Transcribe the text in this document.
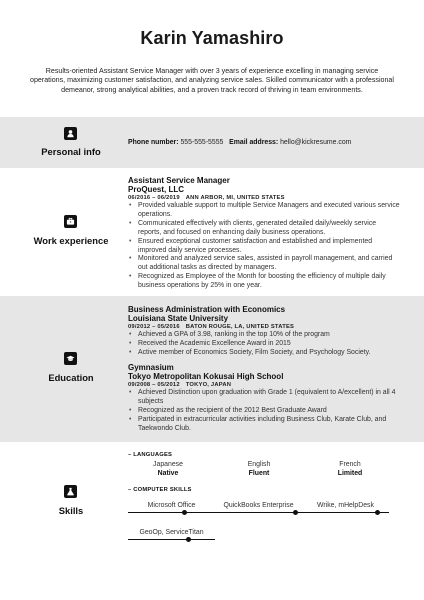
Karin Yamashiro
Results-oriented Assistant Service Manager with over 3 years of experience excelling in managing service operations, maximizing customer satisfaction, and analyzing service sales. Skilled communicator with a professional demeanor, strong analytical abilities, and a proven track record of thriving in team environments.
Personal info
Phone number: 555-555-5555 Email address: hello@kickresume.com
Work experience
Assistant Service Manager
ProQuest, LLC
06/2016 – 06/2019 ANN ARBOR, MI, UNITED STATES
• Provided valuable support to multiple Service Managers and executed various service operations.
• Communicated effectively with clients, generated detailed daily/weekly service reports, and focused on enhancing daily business operations.
• Ensured exceptional customer satisfaction and established and implemented improved daily service processes.
• Monitored and analyzed service sales, assisted in payroll management, and carried out additional tasks as directed by managers.
• Recognized as Employee of the Month for boosting the efficiency of multiple daily business operations by 25% in one year.
Education
Business Administration with Economics
Louisiana State University
09/2012 – 05/2016 BATON ROUGE, LA, UNITED STATES
• Achieved a GPA of 3.98, ranking in the top 10% of the program
• Received the Academic Excellence Award in 2015
• Active member of Economics Society, Film Society, and Psychology Society.
Gymnasium
Tokyo Metropolitan Kokusai High School
09/2008 – 05/2012 TOKYO, JAPAN
• Achieved Distinction upon graduation with Grade 1 (equivalent to A/excellent) in all 4 subjects
• Recognized as the recipient of the 2012 Best Graduate Award
• Participated in extracurricular activities including Business Club, Karate Club, and Taekwondo Club.
Skills
– LANGUAGES
Japanese
Native
English
Fluent
French
Limited
– COMPUTER SKILLS
Microsoft Office	QuickBooks Enterprise	Wrike, mHelpDesk
GeoOp, ServiceTitan
